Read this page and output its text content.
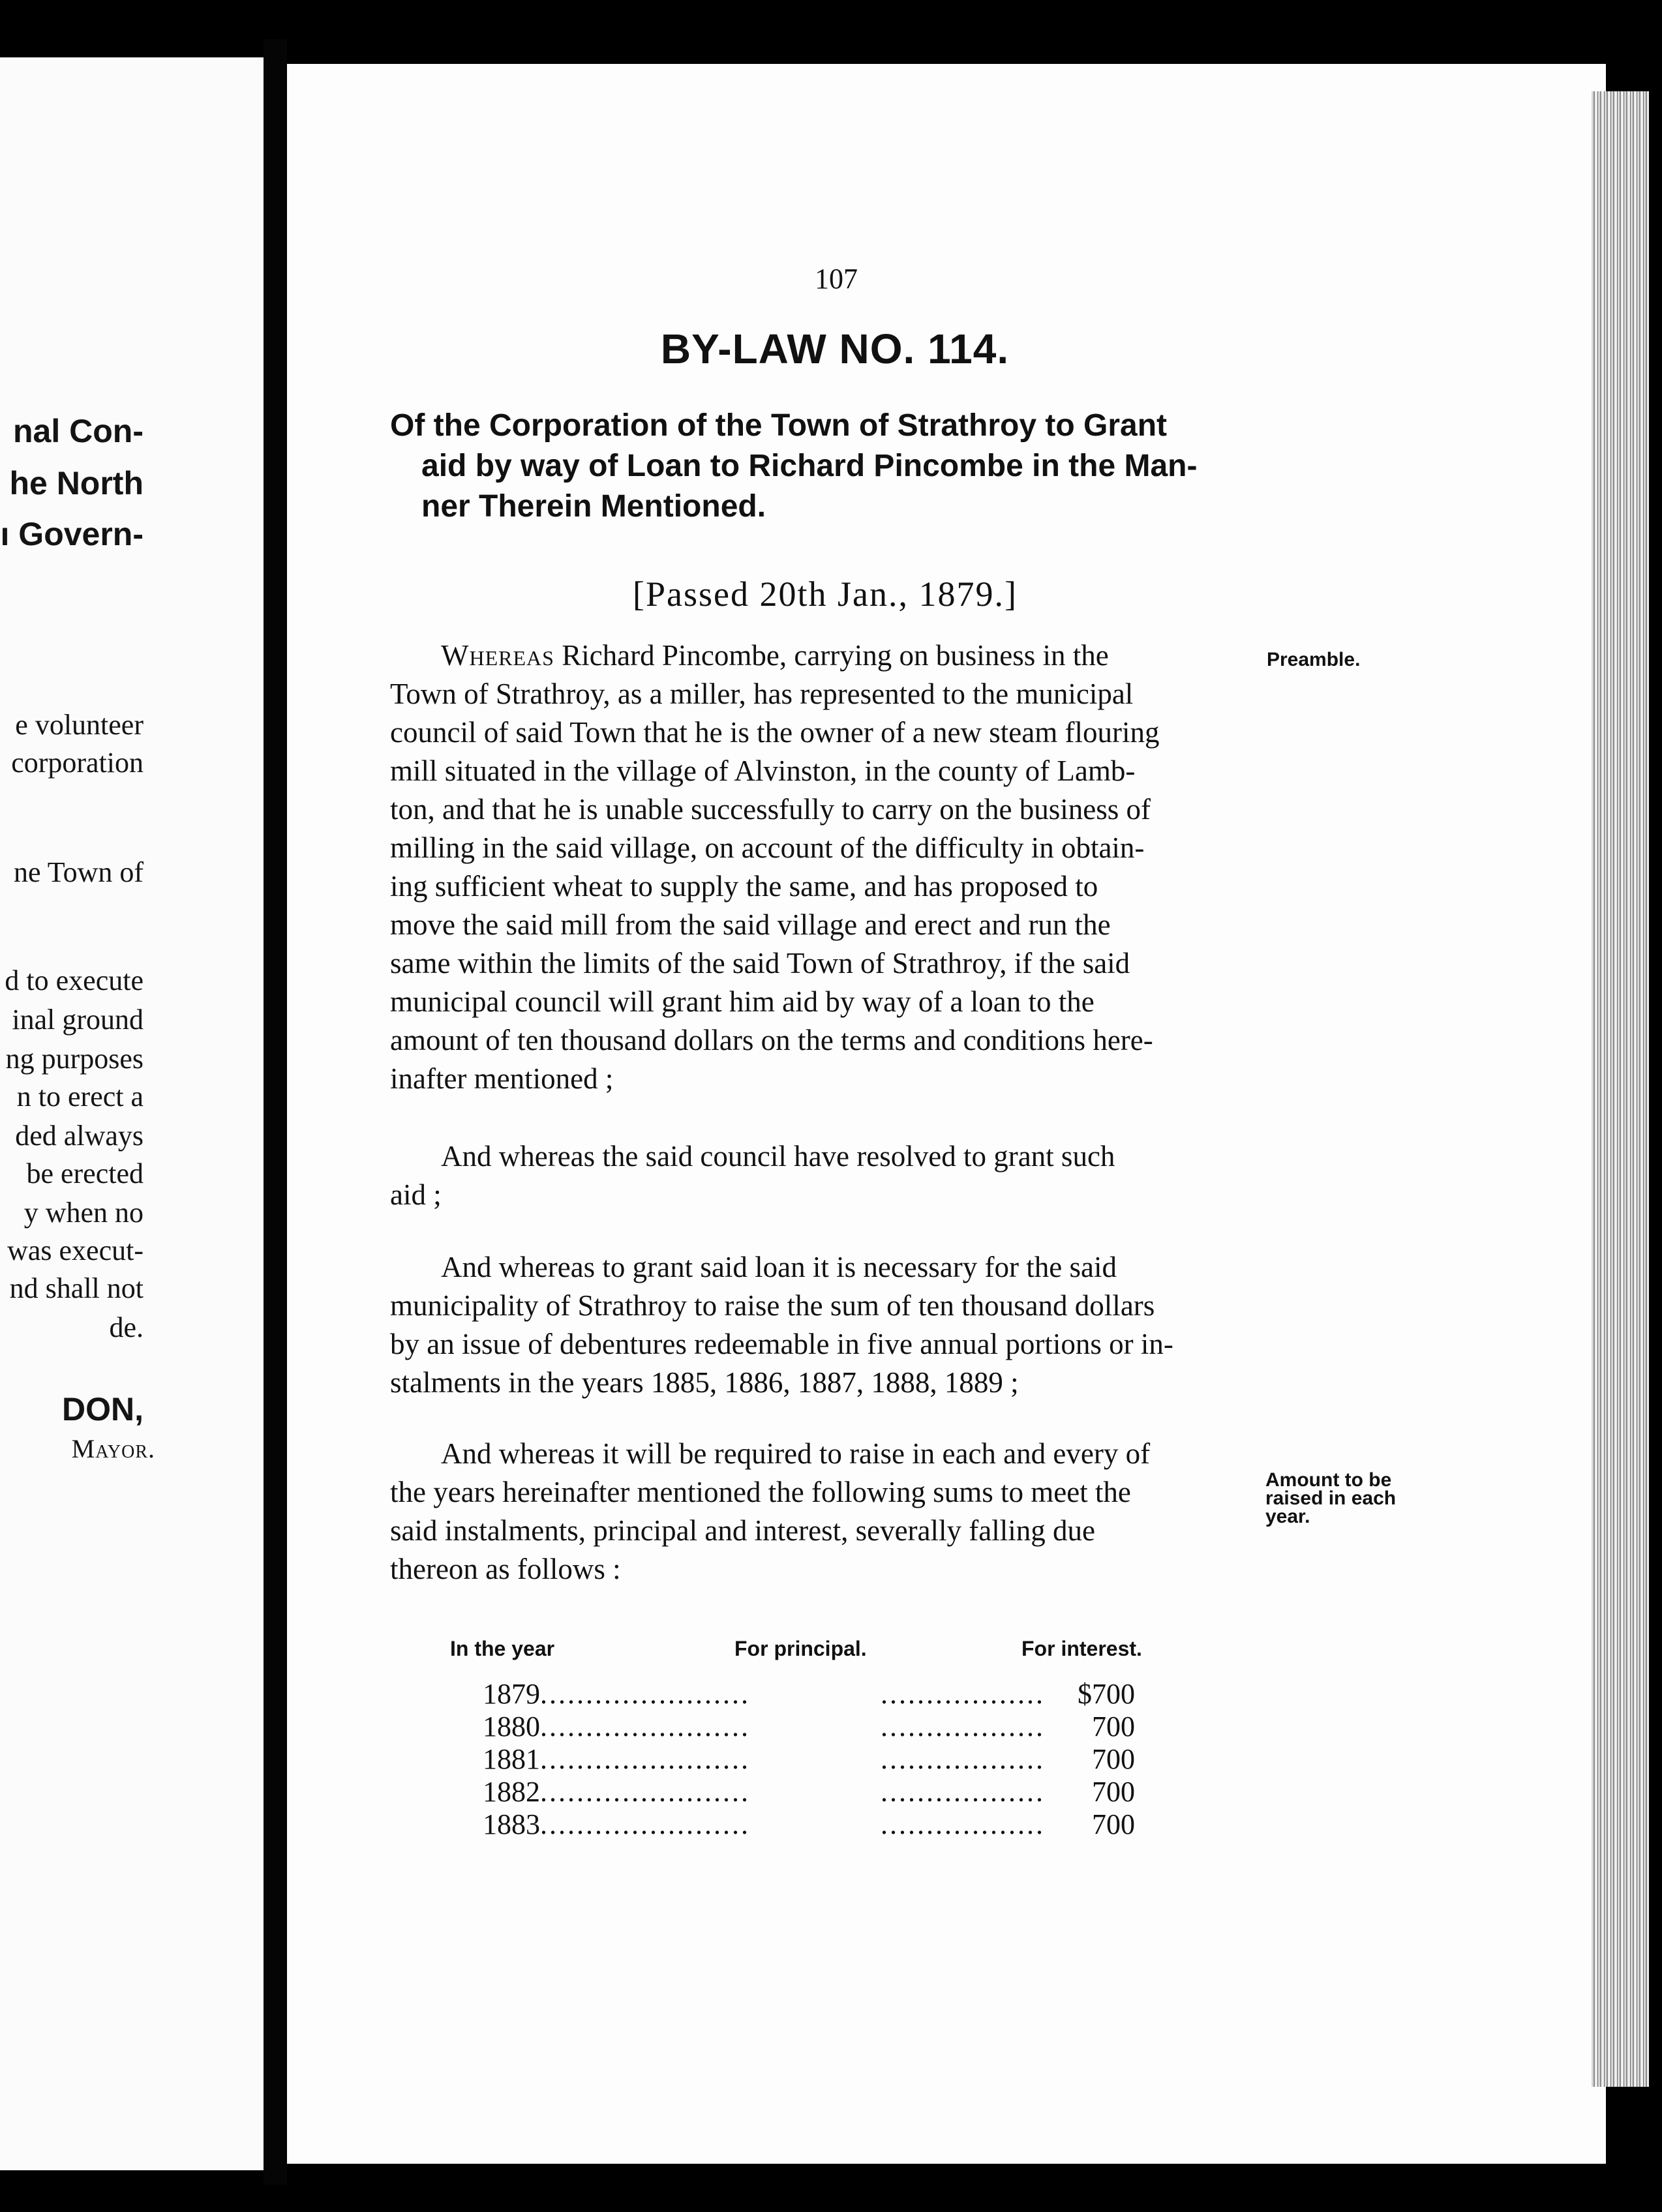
nal Con-
he North
ı Govern-
e volunteer
corporation
ne Town of
d to execute
inal ground
ng purposes
n to erect a
ded always
be erected
y when no
was execut-
nd shall not
de.
DON,
Mayor.
107
BY-LAW NO. 114.
Of the Corporation of the Town of Strathroy to Grant
aid by way of Loan to Richard Pincombe in the Man-
ner Therein Mentioned.
[Passed 20th Jan., 1879.]
Whereas Richard Pincombe, carrying on business in the
Town of Strathroy, as a miller, has represented to the municipal
council of said Town that he is the owner of a new steam flouring
mill situated in the village of Alvinston, in the county of Lamb-
ton, and that he is unable successfully to carry on the business of
milling in the said village, on account of the difficulty in obtain-
ing sufficient wheat to supply the same, and has proposed to
move the said mill from the said village and erect and run the
same within the limits of the said Town of Strathroy, if the said
municipal council will grant him aid by way of a loan to the
amount of ten thousand dollars on the terms and conditions here-
inafter mentioned ;
Preamble.
And whereas the said council have resolved to grant such
aid ;
And whereas to grant said loan it is necessary for the said
municipality of Strathroy to raise the sum of ten thousand dollars
by an issue of debentures redeemable in five annual portions or in-
stalments in the years 1885, 1886, 1887, 1888, 1889 ;
And whereas it will be required to raise in each and every of
the years hereinafter mentioned the following sums to meet the
said instalments, principal and interest, severally falling due
thereon as follows :
Amount to be
raised in each
year.
In the year	For principal.	For interest.
1879.......................	..................	$700
1880.......................	..................	700
1881.......................	..................	700
1882.......................	..................	700
1883.......................	..................	700
